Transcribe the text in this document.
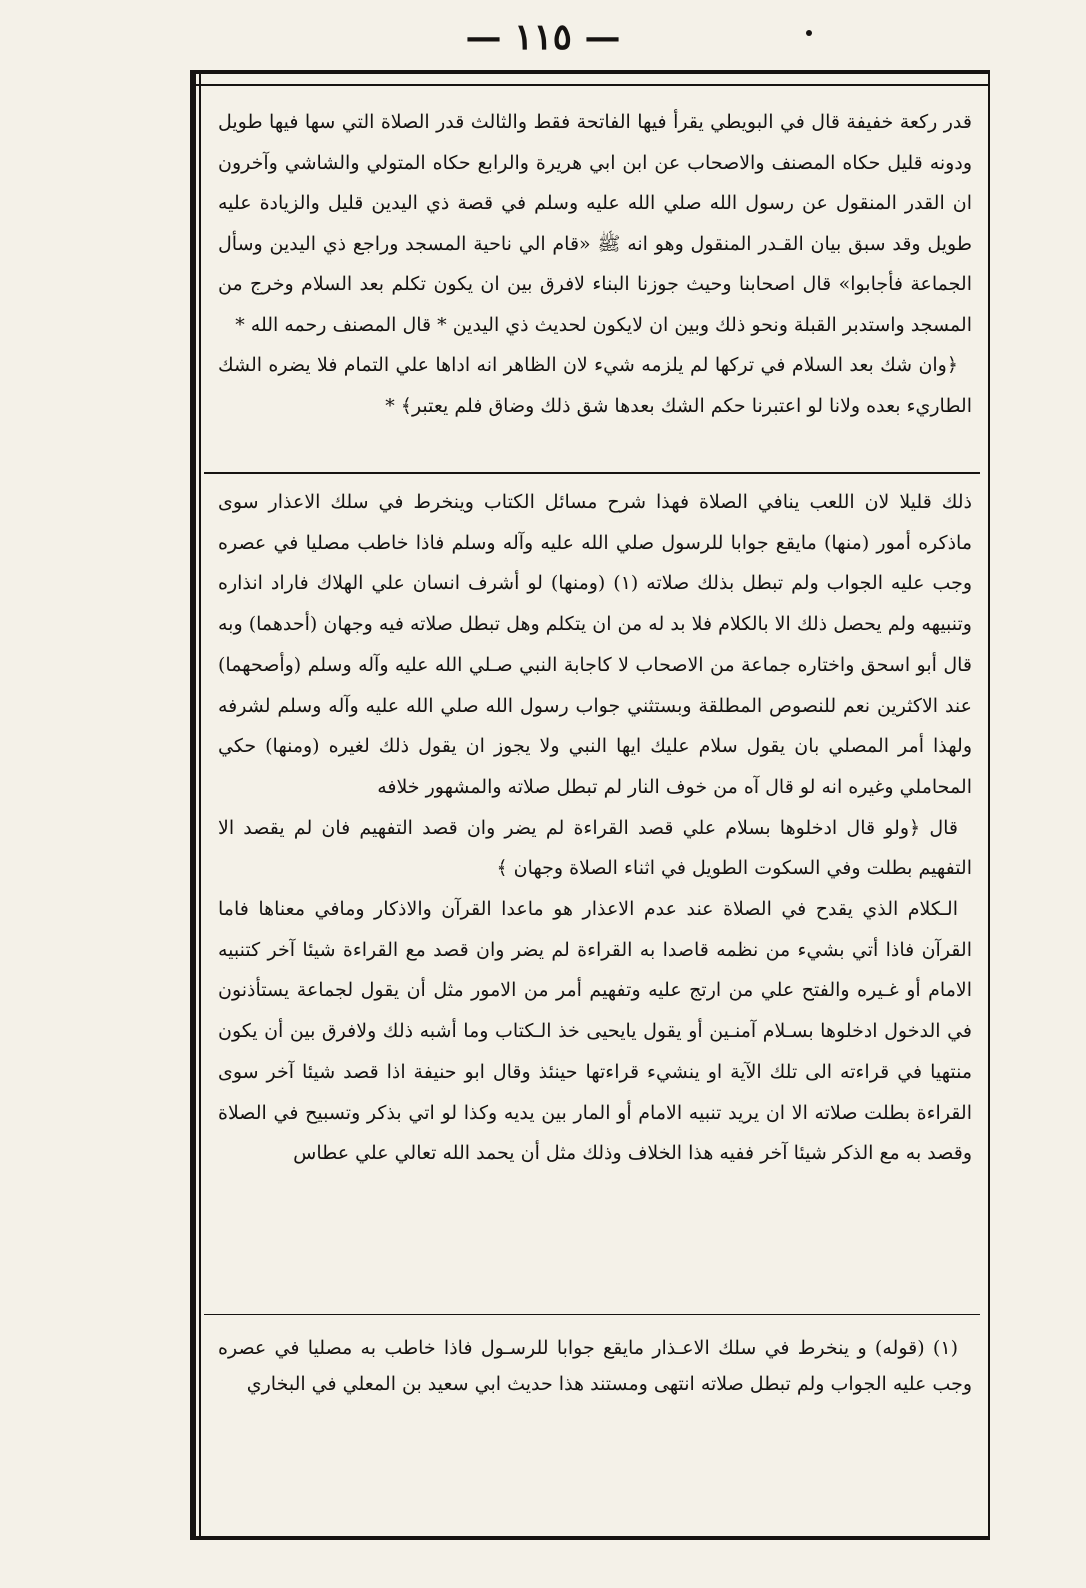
— ١١٥ —

قدر ركعة خفيفة قال في البويطي يقرأ فيها الفاتحة فقط والثالث قدر الصلاة التي سها فيها طويل ودونه قليل حكاه المصنف والاصحاب عن ابن ابي هريرة والرابع حكاه المتولي والشاشي وآخرون ان القدر المنقول عن رسول الله صلي الله عليه وسلم في قصة ذي اليدين قليل والزيادة عليه طويل وقد سبق بيان القـدر المنقول وهو انه ﷺ «قام الي ناحية المسجد وراجع ذي اليدين وسأل الجماعة فأجابوا» قال اصحابنا وحيث جوزنا البناء لافرق بين ان يكون تكلم بعد السلام وخرج من المسجد واستدبر القبلة ونحو ذلك وبين ان لايكون لحديث ذي اليدين * قال المصنف رحمه الله *

﴿وان شك بعد السلام في تركها لم يلزمه شيء لان الظاهر انه اداها علي التمام فلا يضره الشك الطاريء بعده ولانا لو اعتبرنا حكم الشك بعدها شق ذلك وضاق فلم يعتبر﴾ *

ذلك قليلا لان اللعب ينافي الصلاة فهذا شرح مسائل الكتاب وينخرط في سلك الاعذار سوى ماذكره أمور (منها) مايقع جوابا للرسول صلي الله عليه وآله وسلم فاذا خاطب مصليا في عصره وجب عليه الجواب ولم تبطل بذلك صلاته (١) (ومنها) لو أشرف انسان علي الهلاك فاراد انذاره وتنبيهه ولم يحصل ذلك الا بالكلام فلا بد له من ان يتكلم وهل تبطل صلاته فيه وجهان (أحدهما) وبه قال أبو اسحق واختاره جماعة من الاصحاب لا كاجابة النبي صـلي الله عليه وآله وسلم (وأصحهما) عند الاكثرين نعم للنصوص المطلقة وبستثني جواب رسول الله صلي الله عليه وآله وسلم لشرفه ولهذا أمر المصلي بان يقول سلام عليك ايها النبي ولا يجوز ان يقول ذلك لغيره (ومنها) حكي المحاملي وغيره انه لو قال آه من خوف النار لم تبطل صلاته والمشهور خلافه

قال ﴿ولو قال ادخلوها بسلام علي قصد القراءة لم يضر وان قصد التفهيم فان لم يقصد الا التفهيم بطلت وفي السكوت الطويل في اثناء الصلاة وجهان ﴾

الـكلام الذي يقدح في الصلاة عند عدم الاعذار هو ماعدا القرآن والاذكار ومافي معناها فاما القرآن فاذا أتي بشيء من نظمه قاصدا به القراءة لم يضر وان قصد مع القراءة شيئا آخر كتنبيه الامام أو غـيره والفتح علي من ارتج عليه وتفهيم أمر من الامور مثل أن يقول لجماعة يستأذنون في الدخول ادخلوها بسـلام آمنـين أو يقول يايحيى خذ الـكتاب وما أشبه ذلك ولافرق بين أن يكون منتهيا في قراءته الى تلك الآية او ينشيء قراءتها حينئذ وقال ابو حنيفة اذا قصد شيئا آخر سوى القراءة بطلت صلاته الا ان يريد تنبيه الامام أو المار بين يديه وكذا لو اتي بذكر وتسبيح في الصلاة وقصد به مع الذكر شيئا آخر ففيه هذا الخلاف وذلك مثل أن يحمد الله تعالي علي عطاس

(١) (قوله) و ينخرط في سلك الاعـذار مايقع جوابا للرسـول فاذا خاطب به مصليا في عصره وجب عليه الجواب ولم تبطل صلاته انتهى ومستند هذا حديث ابي سعيد بن المعلي في البخاري
